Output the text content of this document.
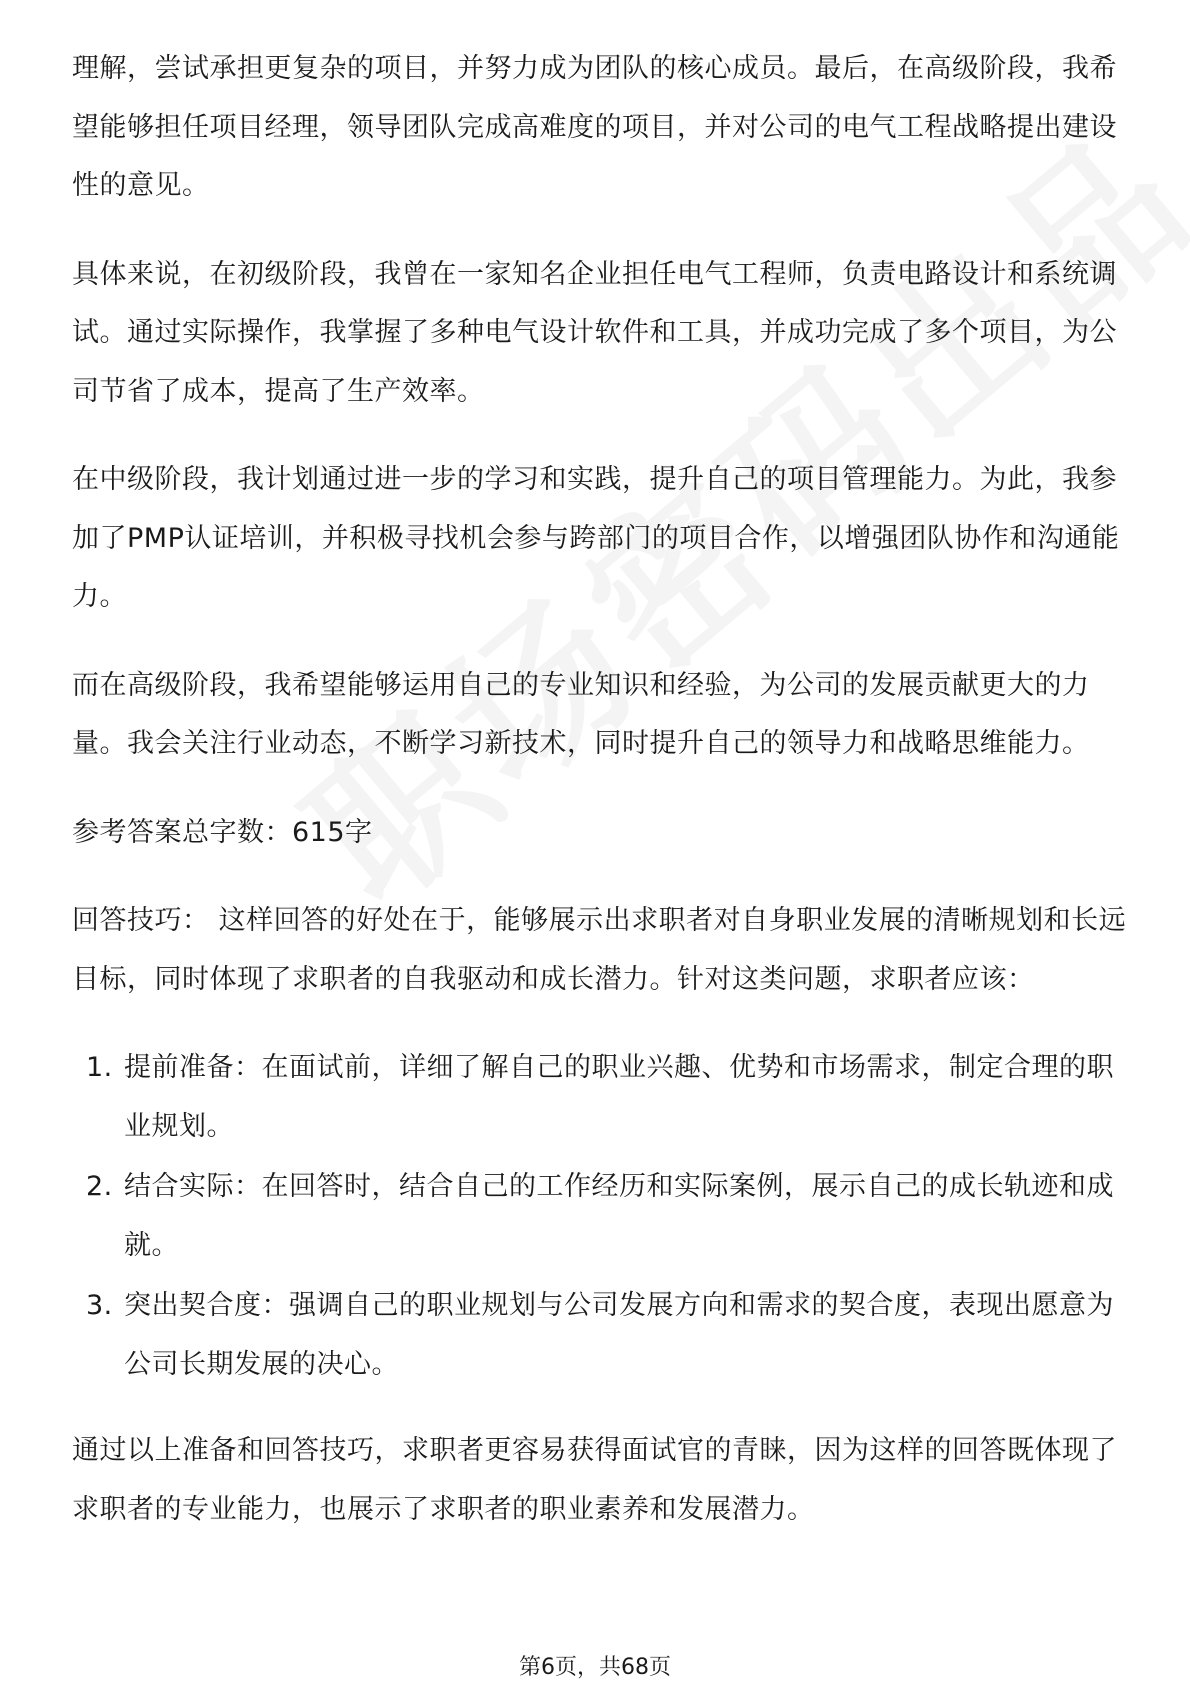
理解，尝试承担更复杂的项目，并努力成为团队的核心成员。最后，在高级阶段，我希望能够担任项目经理，领导团队完成高难度的项目，并对公司的电气工程战略提出建设性的意见。

具体来说，在初级阶段，我曾在一家知名企业担任电气工程师，负责电路设计和系统调试。通过实际操作，我掌握了多种电气设计软件和工具，并成功完成了多个项目，为公司节省了成本，提高了生产效率。

在中级阶段，我计划通过进一步的学习和实践，提升自己的项目管理能力。为此，我参加了PMP认证培训，并积极寻找机会参与跨部门的项目合作，以增强团队协作和沟通能力。

而在高级阶段，我希望能够运用自己的专业知识和经验，为公司的发展贡献更大的力量。我会关注行业动态，不断学习新技术，同时提升自己的领导力和战略思维能力。

参考答案总字数：615字

回答技巧： 这样回答的好处在于，能够展示出求职者对自身职业发展的清晰规划和长远目标，同时体现了求职者的自我驱动和成长潜力。针对这类问题，求职者应该：

1. 提前准备：在面试前，详细了解自己的职业兴趣、优势和市场需求，制定合理的职业规划。
2. 结合实际：在回答时，结合自己的工作经历和实际案例，展示自己的成长轨迹和成就。
3. 突出契合度：强调自己的职业规划与公司发展方向和需求的契合度，表现出愿意为公司长期发展的决心。

通过以上准备和回答技巧，求职者更容易获得面试官的青睐，因为这样的回答既体现了求职者的专业能力，也展示了求职者的职业素养和发展潜力。

第6页，共68页
